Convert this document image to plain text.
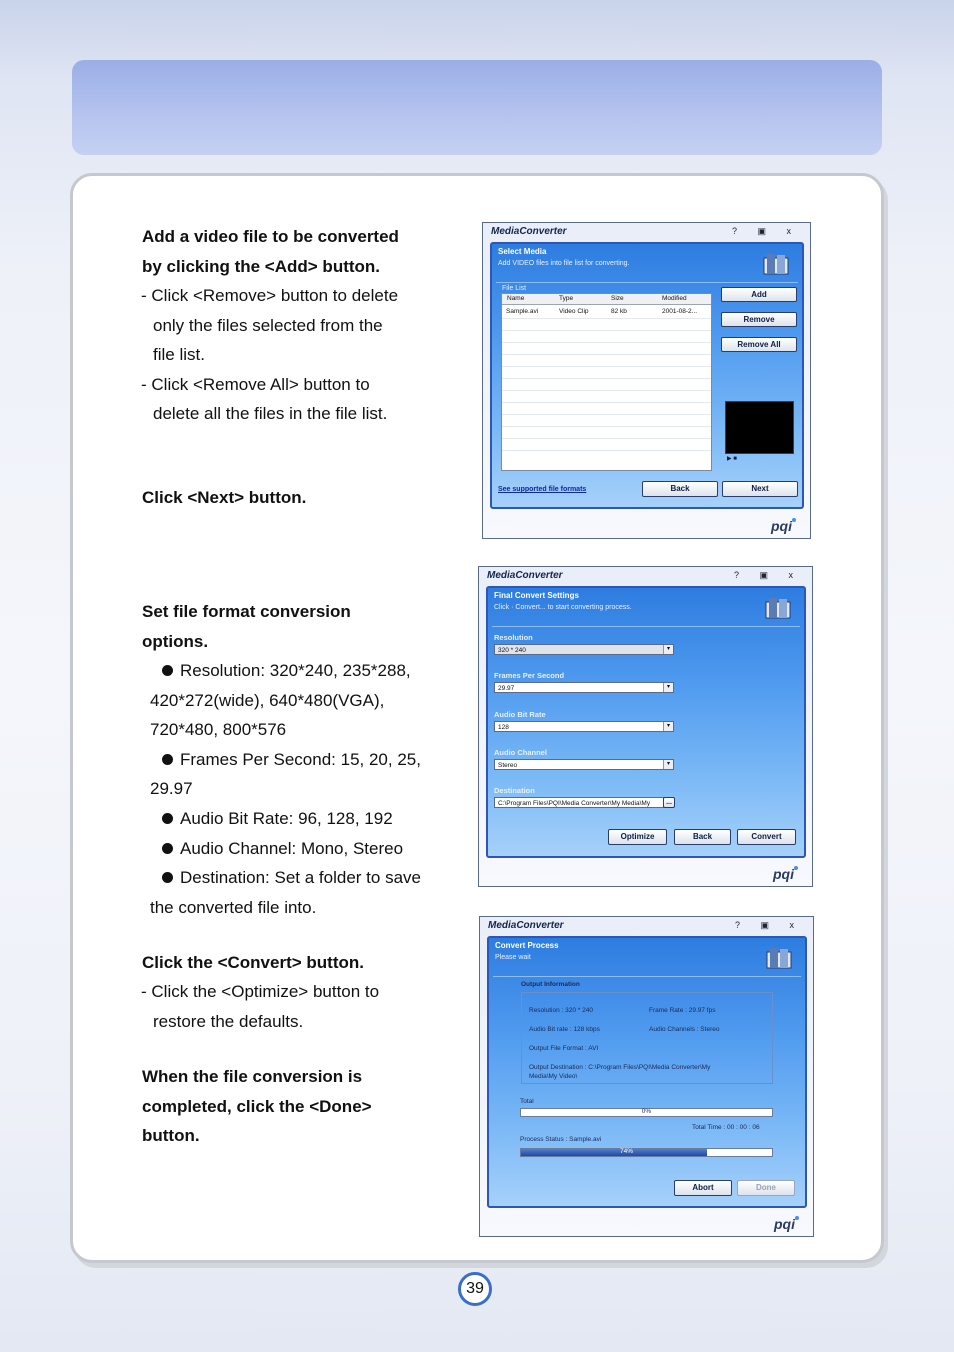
Add a video file to be converted
by clicking the <Add> button.
- Click <Remove> button to delete
only the files selected from the
file list.
- Click <Remove All> button to
delete all the files in the file list.
Click <Next> button.
Set file format conversion
options.
Resolution: 320*240, 235*288,
420*272(wide), 640*480(VGA),
720*480, 800*576
Frames Per Second: 15, 20, 25,
29.97
Audio Bit Rate: 96, 128, 192
Audio Channel: Mono, Stereo
Destination: Set a folder to save
the converted file into.
Click the <Convert> button.
- Click the <Optimize> button to
restore the defaults.
When the file conversion is
completed, click the <Done>
button.
MediaConverter	? ▣ x
Select Media
Add VIDEO files into file list for converting.
File List
Name	Type	Size	Modified
Sample.avi	Video Clip	82 kb	2001-08-2...
Add
Remove
Remove All
▶ ■
See supported file formats	Back	Next
pqi
MediaConverter	? ▣ x
Final Convert Settings
Click · Convert... to start converting process.
Resolution
320 * 240	▾
Frames Per Second
29.97	▾
Audio Bit Rate
128	▾
Audio Channel
Stereo	▾
Destination
C:\Program Files\PQI\Media Converter\My Media\My	...
Optimize	Back	Convert
pqi
MediaConverter	? ▣ x
Convert Process
Please wait
Output Information
Resolution : 320 * 240	Frame Rate : 29.97 fps
Audio Bit rate : 128 kbps	Audio Channels : Stereo
Output File Format : AVI
Output Destination : C:\Program Files\PQI\Media Converter\My
Media\My Video\
Total
0%
Total Time : 00 : 00 : 06
Process Status : Sample.avi
74%
Abort	Done
pqi
39
